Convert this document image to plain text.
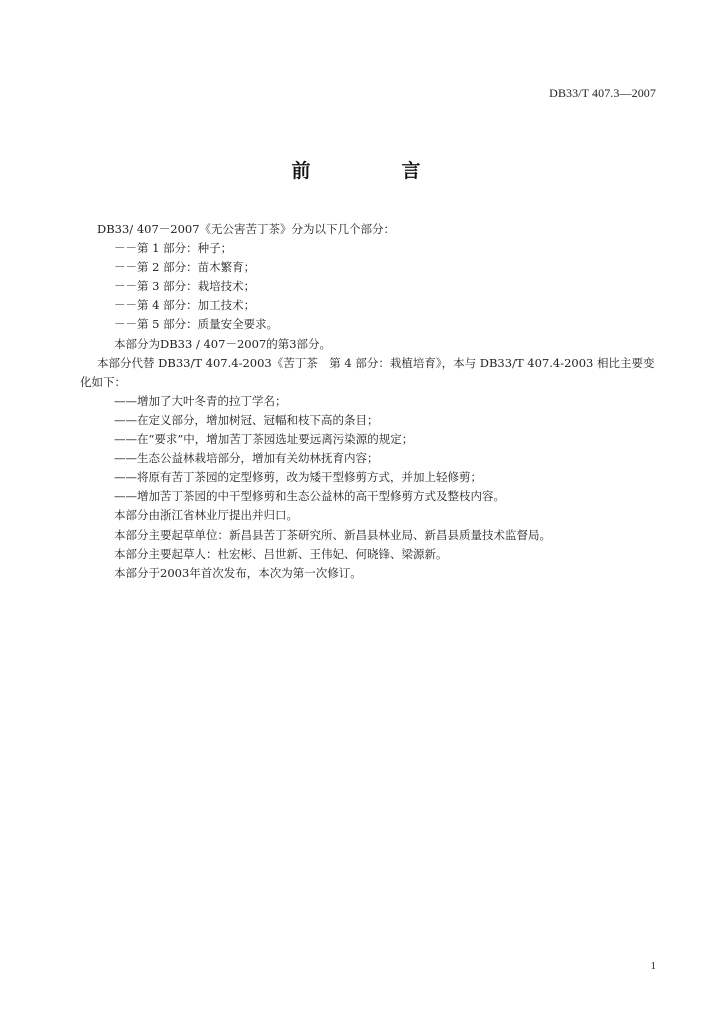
DB33/T 407.3—2007
前　言
DB33/ 407－2007《无公害苦丁茶》分为以下几个部分：
－－第 1 部分：种子；
－－第 2 部分：苗木繁育；
－－第 3 部分：栽培技术；
－－第 4 部分：加工技术；
－－第 5 部分：质量安全要求。
本部分为DB33 / 407－2007的第3部分。
本部分代替 DB33/T 407.4-2003《苦丁茶　第 4 部分：栽植培育》，本与 DB33/T 407.4-2003 相比主要变化如下：
——增加了大叶冬青的拉丁学名；
——在定义部分，增加树冠、冠幅和枝下高的条目；
——在“要求”中，增加苦丁茶园选址要远离污染源的规定；
——生态公益林栽培部分，增加有关幼林抚育内容；
——将原有苦丁茶园的定型修剪，改为矮干型修剪方式，并加上轻修剪；
——增加苦丁茶园的中干型修剪和生态公益林的高干型修剪方式及整枝内容。
本部分由浙江省林业厅提出并归口。
本部分主要起草单位：新昌县苦丁茶研究所、新昌县林业局、新昌县质量技术监督局。
本部分主要起草人：杜宏彬、吕世新、王伟妃、何晓锋、梁源新。
本部分于2003年首次发布，本次为第一次修订。
1
